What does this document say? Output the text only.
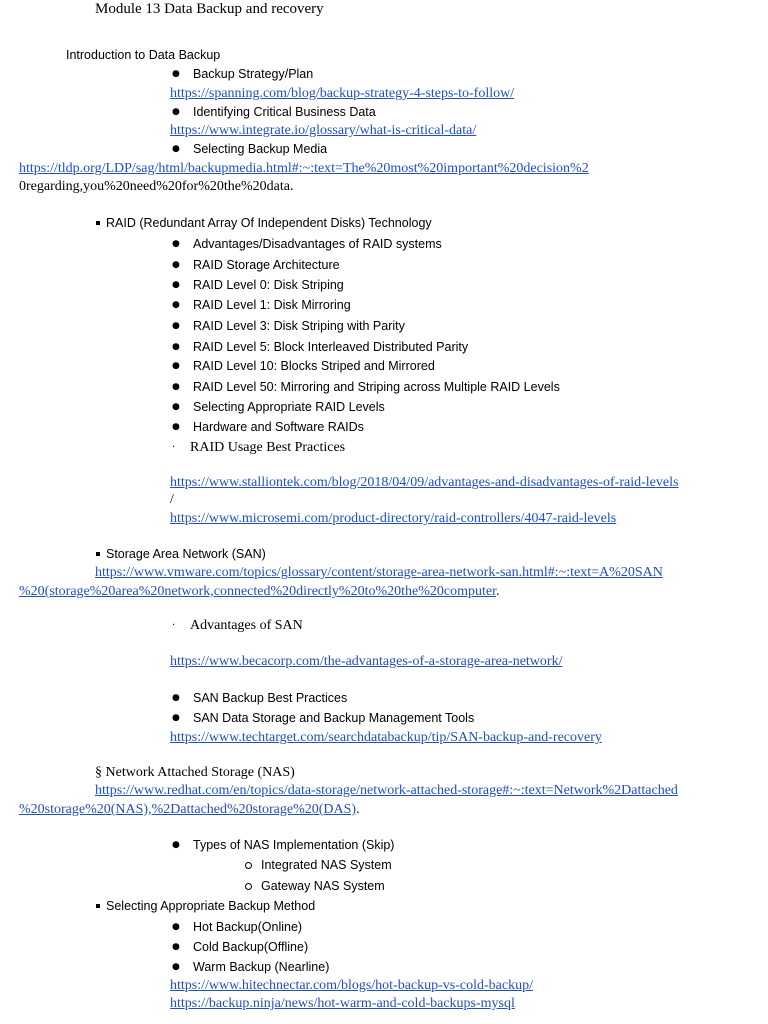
Module 13 Data Backup and recovery
Introduction to Data Backup
● Backup Strategy/Plan
https://spanning.com/blog/backup-strategy-4-steps-to-follow/
● Identifying Critical Business Data
https://www.integrate.io/glossary/what-is-critical-data/
● Selecting Backup Media
https://tldp.org/LDP/sag/html/backupmedia.html#:~:text=The%20most%20important%20decision%2
0regarding,you%20need%20for%20the%20data.
RAID (Redundant Array Of Independent Disks) Technology
● Advantages/Disadvantages of RAID systems
● RAID Storage Architecture
● RAID Level 0: Disk Striping
● RAID Level 1: Disk Mirroring
● RAID Level 3: Disk Striping with Parity
● RAID Level 5: Block Interleaved Distributed Parity
● RAID Level 10: Blocks Striped and Mirrored
● RAID Level 50: Mirroring and Striping across Multiple RAID Levels
● Selecting Appropriate RAID Levels
● Hardware and Software RAIDs
· RAID Usage Best Practices
https://www.stalliontek.com/blog/2018/04/09/advantages-and-disadvantages-of-raid-levels
/
https://www.microsemi.com/product-directory/raid-controllers/4047-raid-levels
Storage Area Network (SAN)
https://www.vmware.com/topics/glossary/content/storage-area-network-san.html#:~:text=A%20SAN
%20(storage%20area%20network,connected%20directly%20to%20the%20computer.
· Advantages of SAN
https://www.becacorp.com/the-advantages-of-a-storage-area-network/
● SAN Backup Best Practices
● SAN Data Storage and Backup Management Tools
https://www.techtarget.com/searchdatabackup/tip/SAN-backup-and-recovery
§ Network Attached Storage (NAS)
https://www.redhat.com/en/topics/data-storage/network-attached-storage#:~:text=Network%2Dattached
%20storage%20(NAS),%2Dattached%20storage%20(DAS).
● Types of NAS Implementation (Skip)
Integrated NAS System
Gateway NAS System
Selecting Appropriate Backup Method
● Hot Backup(Online)
● Cold Backup(Offline)
● Warm Backup (Nearline)
https://www.hitechnectar.com/blogs/hot-backup-vs-cold-backup/
https://backup.ninja/news/hot-warm-and-cold-backups-mysql
